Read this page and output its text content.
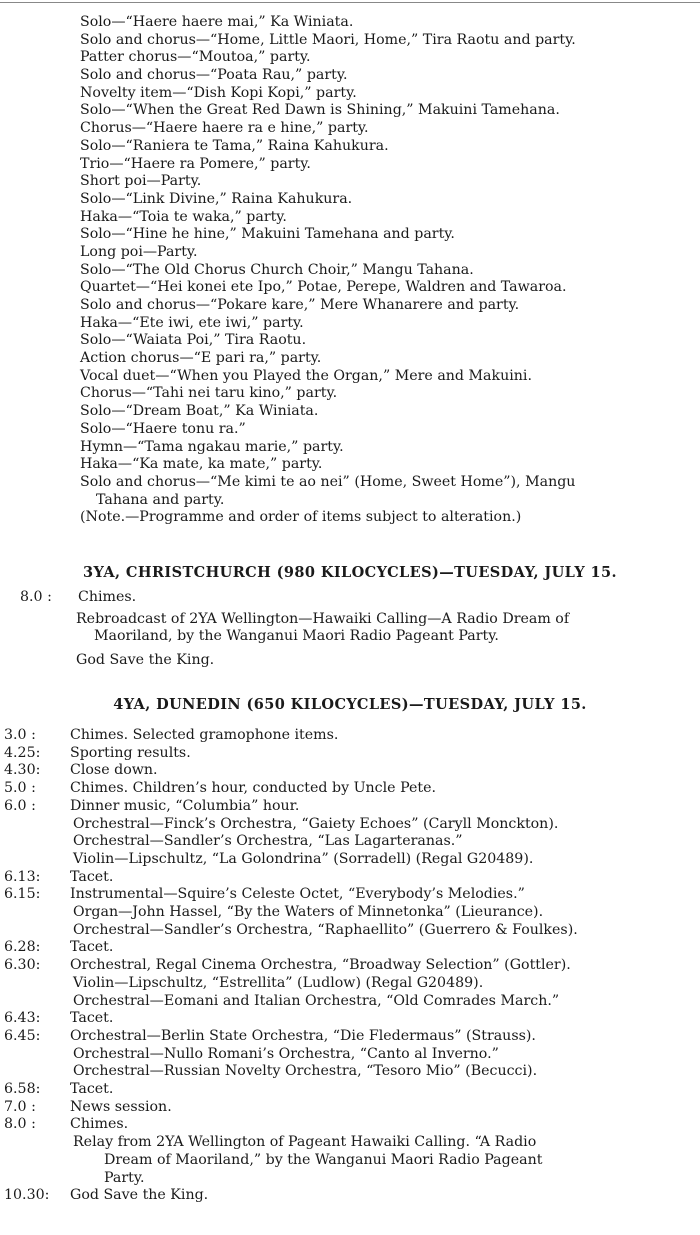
Solo—“Haere haere mai,” Ka Winiata.
Solo and chorus—“Home, Little Maori, Home,” Tira Raotu and party.
Patter chorus—“Moutoa,” party.
Solo and chorus—“Poata Rau,” party.
Novelty item—“Dish Kopi Kopi,” party.
Solo—“When the Great Red Dawn is Shining,” Makuini Tamehana.
Chorus—“Haere haere ra e hine,” party.
Solo—“Raniera te Tama,” Raina Kahukura.
Trio—“Haere ra Pomere,” party.
Short poi—Party.
Solo—“Link Divine,” Raina Kahukura.
Haka—“Toia te waka,” party.
Solo—“Hine he hine,” Makuini Tamehana and party.
Long poi—Party.
Solo—“The Old Chorus Church Choir,” Mangu Tahana.
Quartet—“Hei konei ete Ipo,” Potae, Perepe, Waldren and Tawaroa.
Solo and chorus—“Pokare kare,” Mere Whanarere and party.
Haka—“Ete iwi, ete iwi,” party.
Solo—“Waiata Poi,” Tira Raotu.
Action chorus—“E pari ra,” party.
Vocal duet—“When you Played the Organ,” Mere and Makuini.
Chorus—“Tahi nei taru kino,” party.
Solo—“Dream Boat,” Ka Winiata.
Solo—“Haere tonu ra.”
Hymn—“Tama ngakau marie,” party.
Haka—“Ka mate, ka mate,” party.
Solo and chorus—“Me kimi te ao nei” (Home, Sweet Home”), Mangu
Tahana and party.
(Note.—Programme and order of items subject to alteration.)
3YA, CHRISTCHURCH (980 KILOCYCLES)—TUESDAY, JULY 15.
8.0 :	Chimes.
Rebroadcast of 2YA Wellington—Hawaiki Calling—A Radio Dream of
Maoriland, by the Wanganui Maori Radio Pageant Party.
God Save the King.
4YA, DUNEDIN (650 KILOCYCLES)—TUESDAY, JULY 15.
3.0 :	Chimes. Selected gramophone items.
4.25:	Sporting results.
4.30:	Close down.
5.0 :	Chimes. Children’s hour, conducted by Uncle Pete.
6.0 :	Dinner music, “Columbia” hour.
Orchestral—Finck’s Orchestra, “Gaiety Echoes” (Caryll Monckton).
Orchestral—Sandler’s Orchestra, “Las Lagarteranas.”
Violin—Lipschultz, “La Golondrina” (Sorradell) (Regal G20489).
6.13:	Tacet.
6.15:	Instrumental—Squire’s Celeste Octet, “Everybody’s Melodies.”
Organ—John Hassel, “By the Waters of Minnetonka” (Lieurance).
Orchestral—Sandler’s Orchestra, “Raphaellito” (Guerrero & Foulkes).
6.28:	Tacet.
6.30:	Orchestral, Regal Cinema Orchestra, “Broadway Selection” (Gottler).
Violin—Lipschultz, “Estrellita” (Ludlow) (Regal G20489).
Orchestral—Eomani and Italian Orchestra, “Old Comrades March.”
6.43:	Tacet.
6.45:	Orchestral—Berlin State Orchestra, “Die Fledermaus” (Strauss).
Orchestral—Nullo Romani’s Orchestra, “Canto al Inverno.”
Orchestral—Russian Novelty Orchestra, “Tesoro Mio” (Becucci).
6.58:	Tacet.
7.0 :	News session.
8.0 :	Chimes.
Relay from 2YA Wellington of Pageant Hawaiki Calling. “A Radio
Dream of Maoriland,” by the Wanganui Maori Radio Pageant
Party.
10.30:	God Save the King.
